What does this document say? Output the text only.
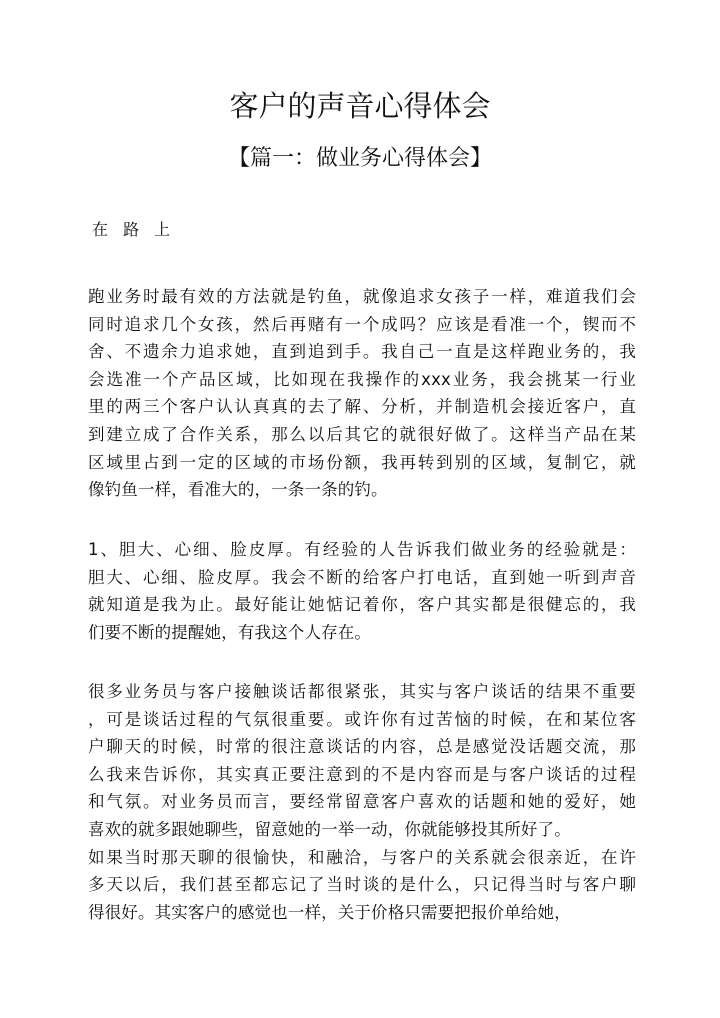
客户的声音心得体会
【篇一：做业务心得体会】
在 路 上
跑业务时最有效的方法就是钓鱼，就像追求女孩子一样，难道我们会
同时追求几个女孩，然后再赌有一个成吗？应该是看准一个，锲而不
舍、不遗余力追求她，直到追到手。我自己一直是这样跑业务的，我
会选准一个产品区域，比如现在我操作的xxx业务，我会挑某一行业
里的两三个客户认认真真的去了解、分析，并制造机会接近客户，直
到建立成了合作关系，那么以后其它的就很好做了。这样当产品在某
区域里占到一定的区域的市场份额，我再转到别的区域，复制它，就
像钓鱼一样，看准大的，一条一条的钓。
1、胆大、心细、脸皮厚。有经验的人告诉我们做业务的经验就是：
胆大、心细、脸皮厚。我会不断的给客户打电话，直到她一听到声音
就知道是我为止。最好能让她惦记着你，客户其实都是很健忘的，我
们要不断的提醒她，有我这个人存在。
很多业务员与客户接触谈话都很紧张，其实与客户谈话的结果不重要
，可是谈话过程的气氛很重要。或许你有过苦恼的时候，在和某位客
户聊天的时候，时常的很注意谈话的内容，总是感觉没话题交流，那
么我来告诉你，其实真正要注意到的不是内容而是与客户谈话的过程
和气氛。对业务员而言，要经常留意客户喜欢的话题和她的爱好，她
喜欢的就多跟她聊些，留意她的一举一动，你就能够投其所好了。
如果当时那天聊的很愉快，和融洽，与客户的关系就会很亲近，在许
多天以后，我们甚至都忘记了当时谈的是什么，只记得当时与客户聊
得很好。其实客户的感觉也一样，关于价格只需要把报价单给她，
